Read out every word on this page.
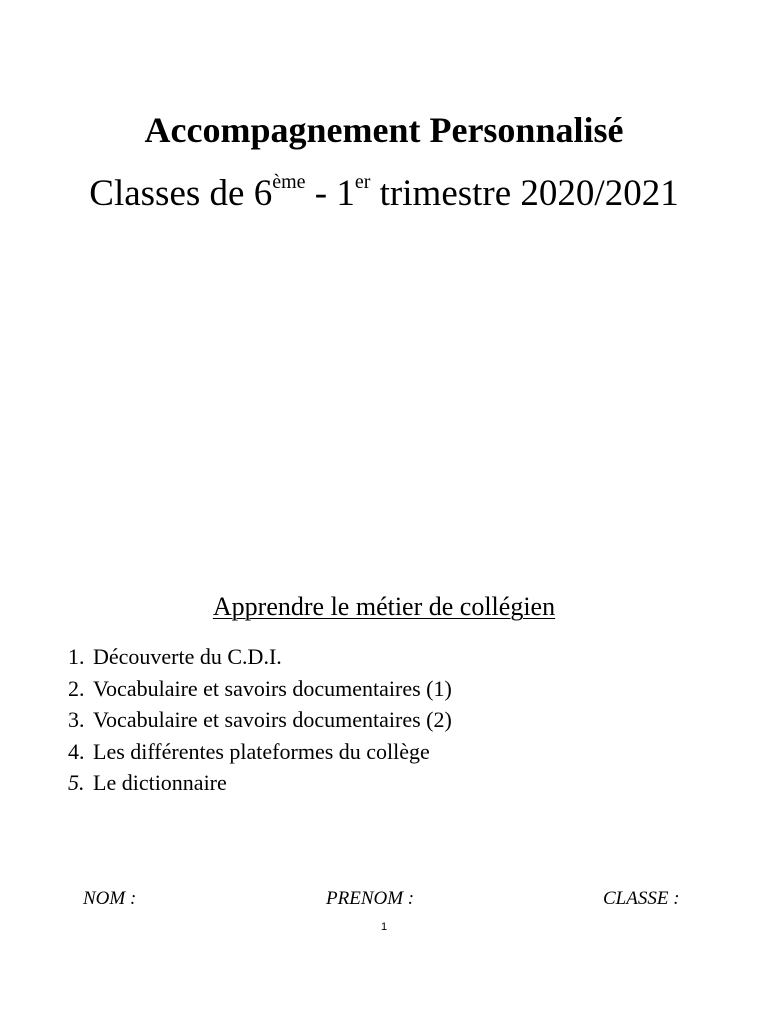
Accompagnement Personnalisé
Classes de 6ème - 1er trimestre 2020/2021
Apprendre le métier de collégien
1. Découverte du C.D.I.
2. Vocabulaire et savoirs documentaires (1)
3. Vocabulaire et savoirs documentaires (2)
4. Les différentes plateformes du collège
5. Le dictionnaire
NOM :	PRENOM :	CLASSE :
1
